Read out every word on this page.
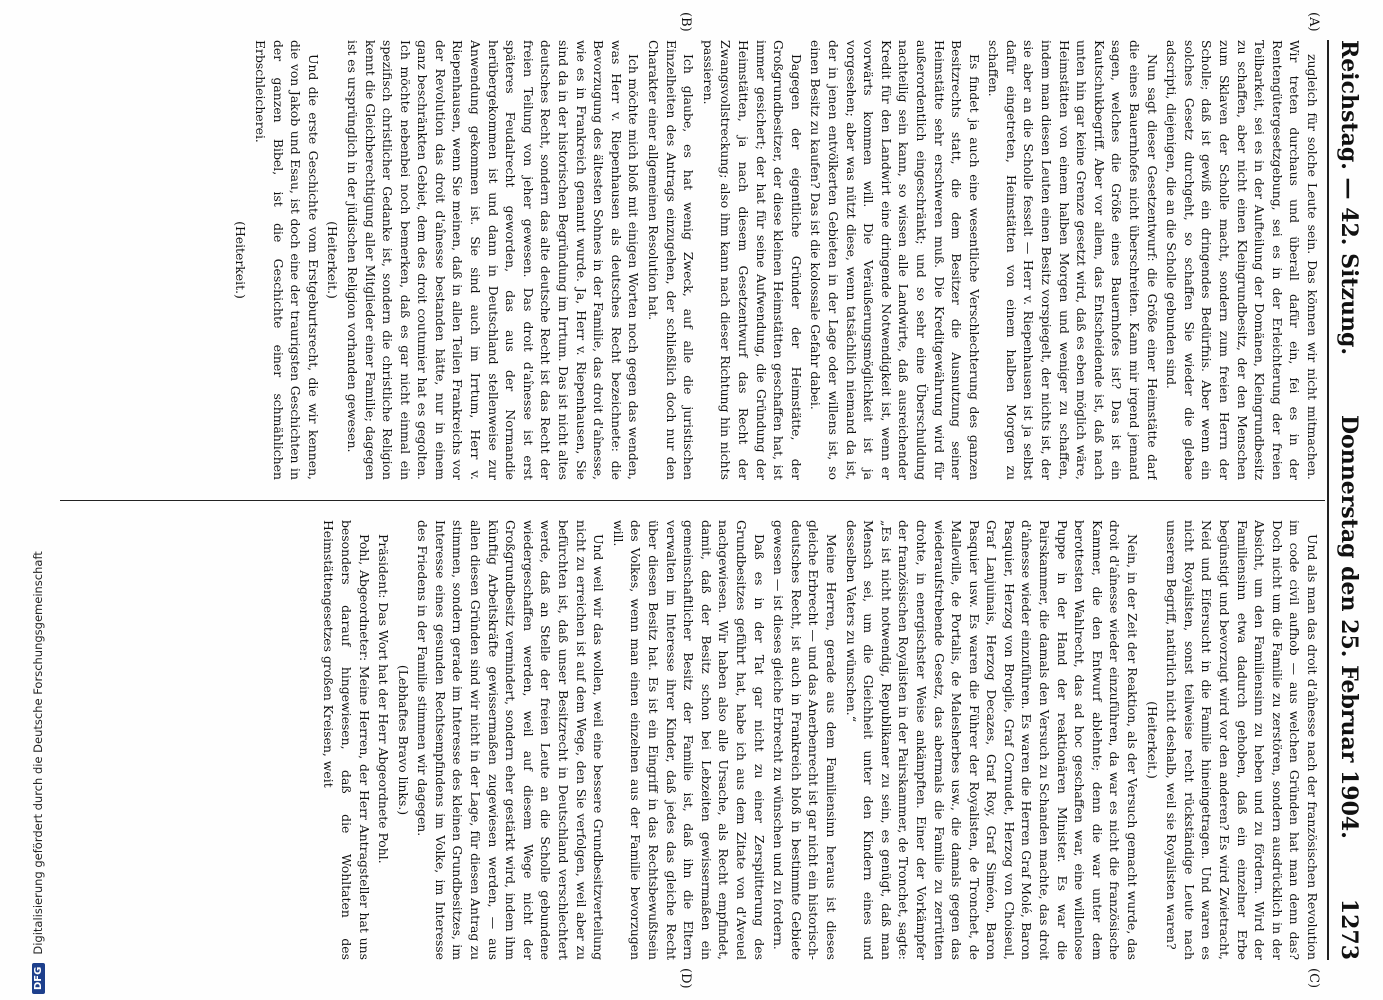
Reichstag. — 42. Sitzung.
Donnerstag den 25. Februar 1904.
1273
(A)
(B)
(C)
(D)

zugleich für solche Leute sein. Das können wir nicht mitmachen. Wir treten durchaus und überall dafür ein, fei es in der Rentengütergesetzgebung, sei es in der Erleichterung der freien Teilbarkeit, sei es in der Aufteilung der Domänen, Kleingrundbesitz zu schaffen, aber nicht einen Kleingrundbesitz, der den Menschen zum Sklaven der Scholle macht, sondern zum freien Herrn der Scholle; daß ist gewiß ein dringendes Bedürfnis. Aber wenn ein solches Gesetz durchgeht, so schaffen Sie wieder die glebae adscripti, diejenigen, die an die Scholle gebunden sind.

Nun sagt dieser Gesetzentwurf: die Größe einer Heimstätte darf die eines Bauernhofes nicht überschreiten. Kann mir irgend jemand sagen, welches die Größe eines Bauernhofes ist? Das ist ein Kautschukbegriff. Aber vor allem, das Entscheidende ist, daß nach unten hin gar keine Grenze gesetzt wird, daß es eben möglich wäre, Heimstätten von einem halben Morgen und weniger zu schaffen, indem man diesen Leuten einen Besitz vorspiegelt, der nichts ist, der sie aber an die Scholle fesselt — Herr v. Riepenhausen ist ja selbst dafür eingetreten, Heimstätten von einem halben Morgen zu schaffen.

Es findet ja auch eine wesentliche Verschlechterung des ganzen Besitzrechts statt, die dem Besitzer die Ausnutzung seiner Heimstätte sehr erschweren muß. Die Kreditgewährung wird für außerordentlich eingeschränkt; und so sehr eine Überschuldung nachteilig sein kann, so wissen alle Landwirte, daß ausreichender Kredit für den Landwirt eine dringende Notwendigkeit ist, wenn er vorwärts kommen will. Die Veräußerungsmöglichkeit ist ja vorgesehen; aber was nützt diese, wenn tatsächlich niemand da ist, der in jenen entvölkerten Gebieten in der Lage oder willens ist, so einen Besitz zu kaufen? Das ist die kolossale Gefahr dabei.

Dagegen der eigentliche Gründer der Heimstätte, der Großgrundbesitzer, der diese kleinen Heimstätten geschaffen hat, ist immer gesichert; der hat für seine Aufwendung, die Gründung der Heimstätten, ja nach diesem Gesetzentwurf das Recht der Zwangsvollstreckung; also ihm kann nach dieser Richtung hin nichts passieren.

Ich glaube, es hat wenig Zweck, auf alle die juristischen Einzelheiten des Antrags einzugehen, der schließlich doch nur den Charakter einer allgemeinen Resolution hat.

Ich möchte mich bloß mit einigen Worten noch gegen das wenden, was Herr v. Riepenhausen als deutsches Recht bezeichnete: die Bevorzugung des ältesten Sohnes in der Familie, das droit d'aînesse, wie es in Frankreich genannt wurde. Ja, Herr v. Riepenhausen, Sie sind da in der historischen Begründung im Irrtum. Das ist nicht altes deutsches Recht, sondern das alte deutsche Recht ist das Recht der freien Teilung von jeher gewesen. Das droit d'aînesse ist erst späteres Feudalrecht geworden, das aus der Normandie herübergekommen ist und dann in Deutschland stellenweise zur Anwendung gekommen ist. Sie sind auch im Irrtum, Herr v. Riepenhausen, wenn Sie meinen, daß in allen Teilen Frankreichs vor der Revolution das droit d'aînesse bestanden hätte, nur in einem ganz beschränkten Gebiet, dem des droit coutumier hat es gegolten. Ich möchte nebenbei noch bemerken, daß es gar nicht einmal ein spezifisch christlicher Gedanke ist, sondern die christliche Religion kennt die Gleichberechtigung aller Mitglieder einer Familie; dagegen ist es ursprünglich in der jüdischen Religion vorhanden gewesen.

(Heiterkeit.)

Und die erste Geschichte vom Erstgeburtsrecht, die wir kennen, die von Jakob und Esau, ist doch eine der traurigsten Geschichten in der ganzen Bibel, ist die Geschichte einer schmählichen Erbschleicherei.

(Heiterkeit.)

Und als man das droit d'aînesse nach der französischen Revolution im code civil aufhob — aus welchen Gründen hat man denn das? Doch nicht um die Familie zu zerstören, sondern ausdrücklich in der Absicht, um den Familiensinn zu heben und zu fördern. Wird der Familiensinn etwa dadurch gehoben, daß ein einzelner Erbe begünstigt und bevorzugt wird vor den anderen? Es wird Zwietracht, Neid und Eifersucht in die Familie hineingetragen. Und waren es nicht Royalisten, sonst teilweise recht rückständige Leute nach unserem Begriff, natürlich nicht deshalb, weil sie Royalisten waren?

(Heiterkeit.)

Nein, in der Zeit der Reaktion, als der Versuch gemacht wurde, das droit d'aînesse wieder einzuführen, da war es nicht die französische Kammer, die den Entwurf ablehnte; denn die war unter dem berottesten Wahlrecht, das ad hoc geschaffen war, eine willenlose Puppe in der Hand der reaktionären Minister. Es war die Pairskammer, die damals den Versuch zu Schanden machte, das droit d'aînesse wieder einzuführen. Es waren die Herren Graf Molé, Baron Pasquier, Herzog von Broglie, Graf Cornudet, Herzog von Choiseul, Graf Lanjuinais, Herzog Decazes, Graf Roy, Graf Siméon, Baron Pasquier usw. Es waren die Führer der Royalisten, de Tronchet, de Malleville, de Portalis, de Malesherbes usw., die damals gegen das wiederaufstrebende Gesetz, das abermals die Familie zu zerrütten drohte, in energischster Weise ankämpften. Einer der Vorkämpfer der französischen Royalisten in der Pairskammer, de Tronchet, sagte: „Es ist nicht notwendig, Republikaner zu sein, es genügt, daß man Mensch sei, um die Gleichheit unter den Kindern eines und desselben Vaters zu wünschen.“

Meine Herren, gerade aus dem Familiensinn heraus ist dieses gleiche Erbrecht — und das Anerbenrecht ist gar nicht ein historisch-deutsches Recht, ist auch in Frankreich bloß in bestimmte Gebiete gewesen — ist dieses gleiche Erbrecht zu wünschen und zu fordern.

Daß es in der Tat gar nicht zu einer Zersplitterung des Grundbesitzes geführt hat, habe ich aus dem Zitate von d'Aveuel nachgewiesen. Wir haben also alle Ursache, als Recht empfindet, damit, daß der Besitz schon bei Lebzeiten gewissermaßen ein gemeinschaftlicher Besitz der Familie ist, daß ihn die Eltern verwalten im Interesse ihrer Kinder, daß jedes das gleiche Recht über diesen Besitz hat. Es ist ein Eingriff in das Rechtsbewußtsein des Volkes, wenn man einen einzelnen aus der Familie bevorzugen will.

Und weil wir das wollen, weil eine bessere Grundbesitzverteilung nicht zu erreichen ist auf dem Wege, den Sie verfolgen, weil aber zu befürchten ist, daß unser Besitzrecht in Deutschland verschlechtert werde, daß an Stelle der freien Leute an die Scholle gebundene wiedergeschaffen werden, weil auf diesem Wege nicht der Großgrundbesitz vermindert, sondern eher gestärkt wird, indem ihm künftig Arbeitskräfte gewissermaßen zugewiesen werden, — aus allen diesen Gründen sind wir nicht in der Lage, für diesen Antrag zu stimmen, sondern gerade im Interesse des kleinen Grundbesitzes, im Interesse eines gesunden Rechtsempfindens im Volke, im Interesse des Friedens in der Familie stimmen wir dagegen.

(Lebhaftes Bravo links.)

Präsident: Das Wort hat der Herr Abgeordnete Pohl.

Pohl, Abgeordneter: Meine Herren, der Herr Antragsteller hat uns besonders darauf hingewiesen, daß die Wohltaten des Heimstättengesetzes großen Kreisen, weit

DFG
Digitalisierung gefördert durch die Deutsche Forschungsgemeinschaft
